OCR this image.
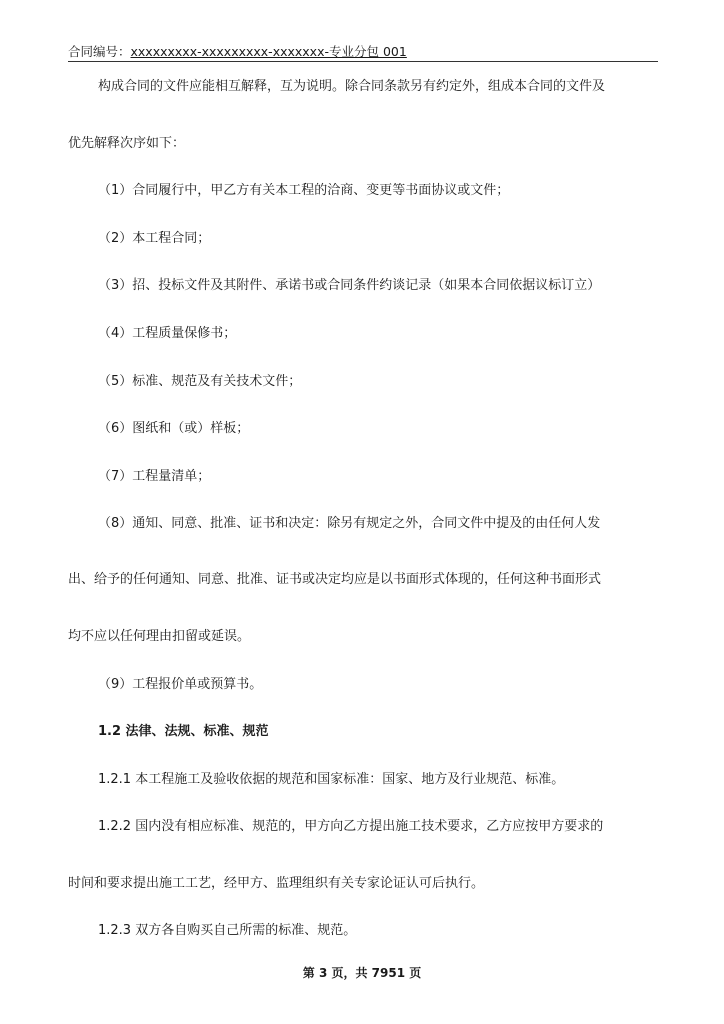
合同编号：xxxxxxxxx-xxxxxxxxx-xxxxxxx-专业分包 001
构成合同的文件应能相互解释，互为说明。除合同条款另有约定外，组成本合同的文件及
优先解释次序如下：
（1）合同履行中，甲乙方有关本工程的洽商、变更等书面协议或文件；
（2）本工程合同；
（3）招、投标文件及其附件、承诺书或合同条件约谈记录（如果本合同依据议标订立）
（4）工程质量保修书；
（5）标准、规范及有关技术文件；
（6）图纸和（或）样板；
（7）工程量清单；
（8）通知、同意、批准、证书和决定：除另有规定之外，合同文件中提及的由任何人发
出、给予的任何通知、同意、批准、证书或决定均应是以书面形式体现的，任何这种书面形式
均不应以任何理由扣留或延误。
（9）工程报价单或预算书。
1.2 法律、法规、标准、规范
1.2.1 本工程施工及验收依据的规范和国家标准：国家、地方及行业规范、标准。
1.2.2 国内没有相应标准、规范的，甲方向乙方提出施工技术要求，乙方应按甲方要求的
时间和要求提出施工工艺，经甲方、监理组织有关专家论证认可后执行。
1.2.3 双方各自购买自己所需的标准、规范。
第 3 页，共 7951 页
